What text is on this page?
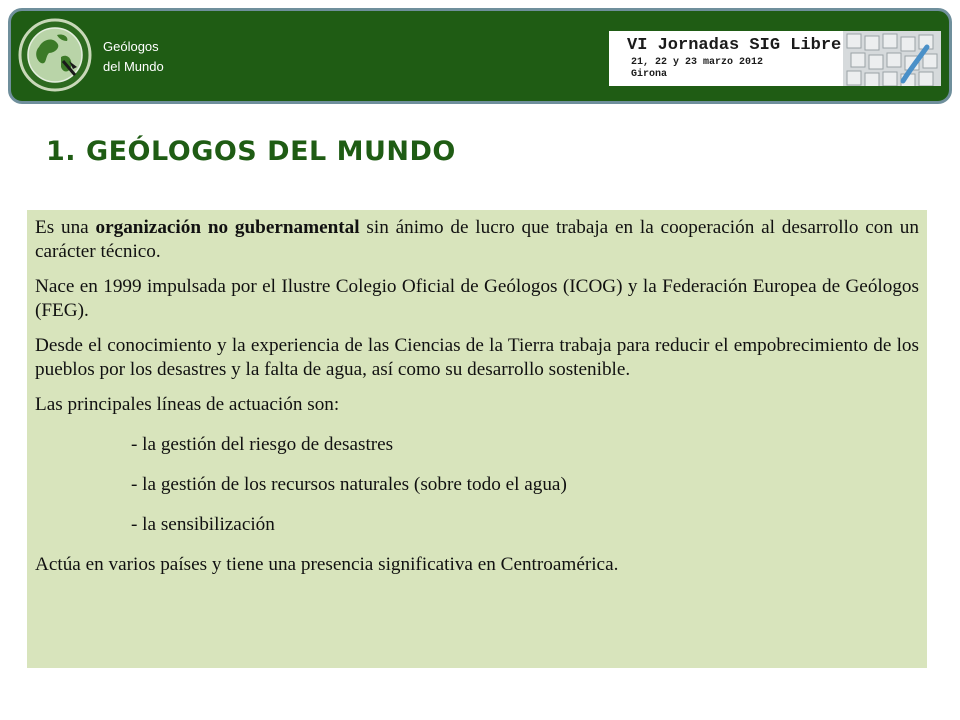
Geólogos
del Mundo
VI Jornadas SIG Libre
21, 22 y 23 marzo 2012
Girona
1. GEÓLOGOS DEL MUNDO

Es una organización no gubernamental sin ánimo de lucro que trabaja en la cooperación al desarrollo con un carácter técnico.

Nace en 1999 impulsada por el Ilustre Colegio Oficial de Geólogos (ICOG) y la Federación Europea de Geólogos (FEG).

Desde el conocimiento y la experiencia de las Ciencias de la Tierra trabaja para reducir el empobrecimiento de los pueblos por los desastres y la falta de agua, así como su desarrollo sostenible.

Las principales líneas de actuación son:

- la gestión del riesgo de desastres

- la gestión de los recursos naturales (sobre todo el agua)

- la sensibilización

Actúa en varios países y tiene una presencia significativa en Centroamérica.
